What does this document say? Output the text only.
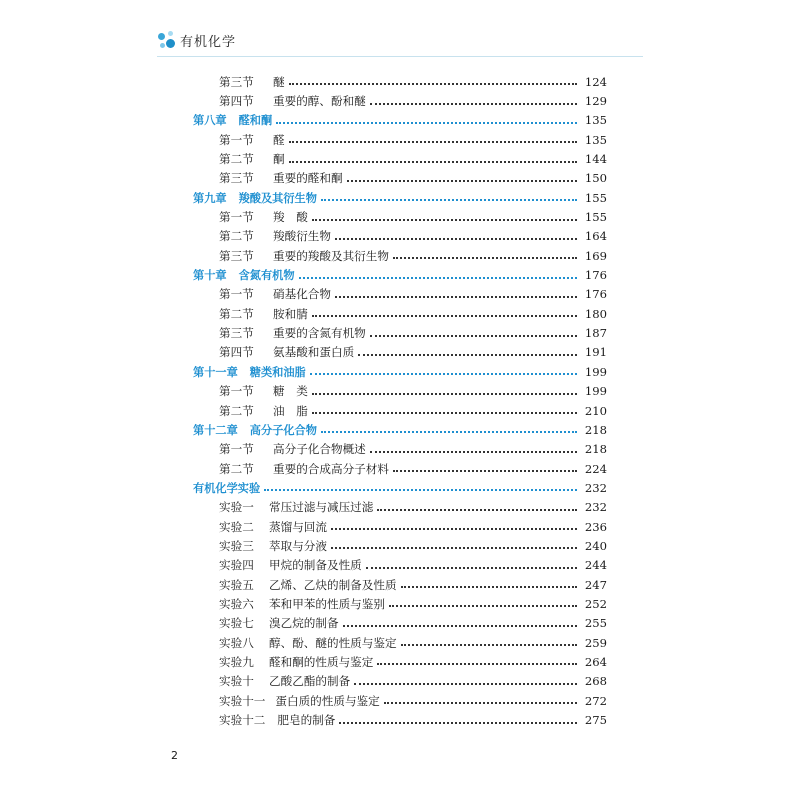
有机化学
第三节	醚	124
第四节	重要的醇、酚和醚	129
第八章 醛和酮	135
第一节	醛	135
第二节	酮	144
第三节	重要的醛和酮	150
第九章 羧酸及其衍生物	155
第一节	羧　酸	155
第二节	羧酸衍生物	164
第三节	重要的羧酸及其衍生物	169
第十章 含氮有机物	176
第一节	硝基化合物	176
第二节	胺和腈	180
第三节	重要的含氮有机物	187
第四节	氨基酸和蛋白质	191
第十一章 糖类和油脂	199
第一节	糖　类	199
第二节	油　脂	210
第十二章 高分子化合物	218
第一节	高分子化合物概述	218
第二节	重要的合成高分子材料	224
有机化学实验	232
实验一	常压过滤与减压过滤	232
实验二	蒸馏与回流	236
实验三	萃取与分液	240
实验四	甲烷的制备及性质	244
实验五	乙烯、乙炔的制备及性质	247
实验六	苯和甲苯的性质与鉴别	252
实验七	溴乙烷的制备	255
实验八	醇、酚、醚的性质与鉴定	259
实验九	醛和酮的性质与鉴定	264
实验十	乙酸乙酯的制备	268
实验十一 蛋白质的性质与鉴定	272
实验十二 肥皂的制备	275
2
